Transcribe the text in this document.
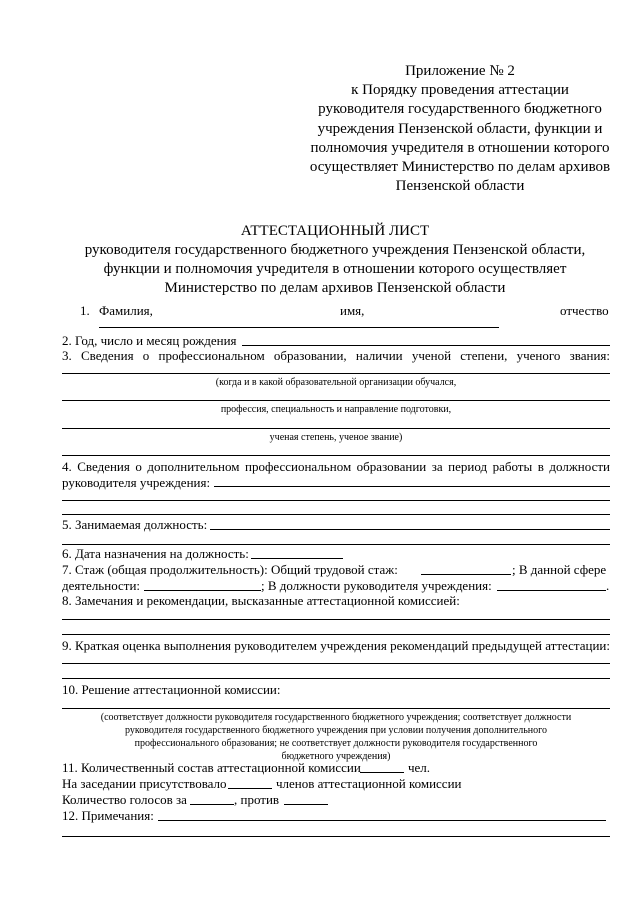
Приложение № 2
к Порядку проведения аттестации
руководителя государственного бюджетного
учреждения Пензенской области, функции и
полномочия учредителя в отношении которого
осуществляет Министерство по делам архивов
Пензенской области
АТТЕСТАЦИОННЫЙ ЛИСТ
руководителя государственного бюджетного учреждения Пензенской области,
функции и полномочия учредителя в отношении которого осуществляет
Министерство по делам архивов Пензенской области
1. Фамилия,	имя,	отчество
2. Год, число и месяц рождения
3. Сведения о профессиональном образовании, наличии ученой степени, ученого звания:
(когда и в какой образовательной организации обучался,
профессия, специальность и направление подготовки,
ученая степень, ученое звание)
4. Сведения о дополнительном профессиональном образовании за период работы в должности
руководителя учреждения:
5. Занимаемая должность:
6. Дата назначения на должность:
7. Стаж (общая продолжительность): Общий трудовой стаж:	; В данной сфере
деятельности:	; В должности руководителя учреждения:	.
8. Замечания и рекомендации, высказанные аттестационной комиссией:
9. Краткая оценка выполнения руководителем учреждения рекомендаций предыдущей аттестации:
10. Решение аттестационной комиссии:
(соответствует должности руководителя государственного бюджетного учреждения; соответствует должности
руководителя государственного бюджетного учреждения при условии получения дополнительного
профессионального образования; не соответствует должности руководителя государственного
бюджетного учреждения)
11. Количественный состав аттестационной комиссии	чел.
На заседании присутствовало	членов аттестационной комиссии
Количество голосов за	, против
12. Примечания:
